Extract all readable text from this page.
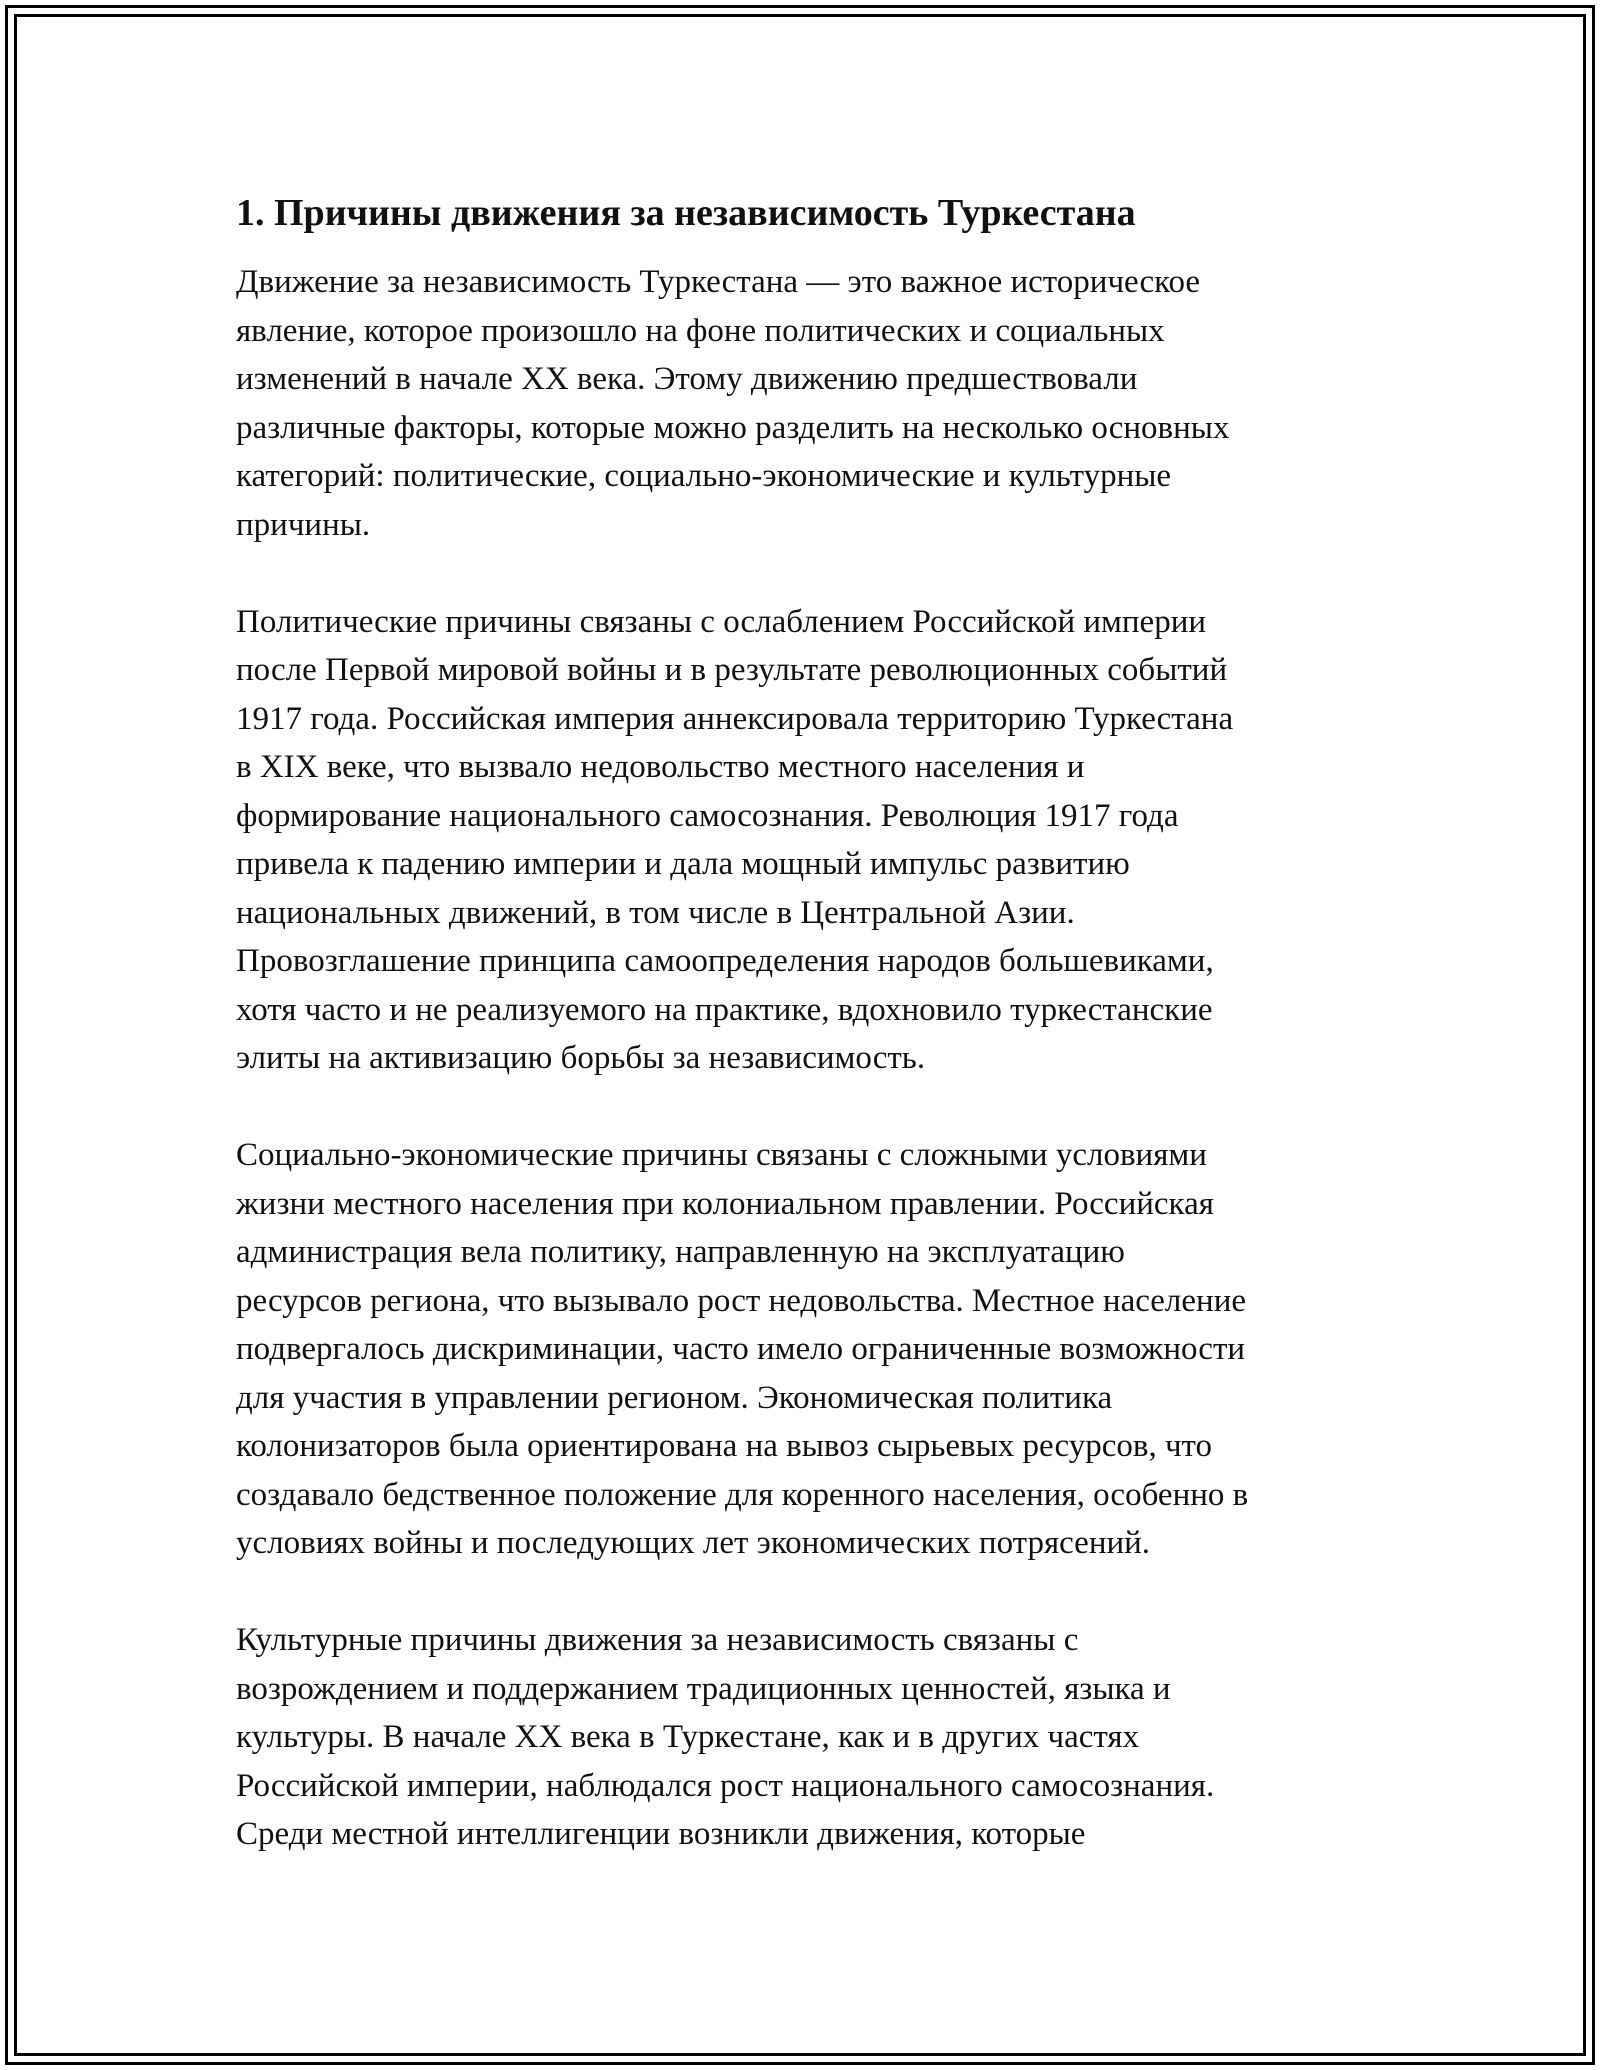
1. Причины движения за независимость Туркестана
Движение за независимость Туркестана — это важное историческое
явление, которое произошло на фоне политических и социальных
изменений в начале XX века. Этому движению предшествовали
различные факторы, которые можно разделить на несколько основных
категорий: политические, социально-экономические и культурные
причины.
Политические причины связаны с ослаблением Российской империи
после Первой мировой войны и в результате революционных событий
1917 года. Российская империя аннексировала территорию Туркестана
в XIX веке, что вызвало недовольство местного населения и
формирование национального самосознания. Революция 1917 года
привела к падению империи и дала мощный импульс развитию
национальных движений, в том числе в Центральной Азии.
Провозглашение принципа самоопределения народов большевиками,
хотя часто и не реализуемого на практике, вдохновило туркестанские
элиты на активизацию борьбы за независимость.
Социально-экономические причины связаны с сложными условиями
жизни местного населения при колониальном правлении. Российская
администрация вела политику, направленную на эксплуатацию
ресурсов региона, что вызывало рост недовольства. Местное население
подвергалось дискриминации, часто имело ограниченные возможности
для участия в управлении регионом. Экономическая политика
колонизаторов была ориентирована на вывоз сырьевых ресурсов, что
создавало бедственное положение для коренного населения, особенно в
условиях войны и последующих лет экономических потрясений.
Культурные причины движения за независимость связаны с
возрождением и поддержанием традиционных ценностей, языка и
культуры. В начале XX века в Туркестане, как и в других частях
Российской империи, наблюдался рост национального самосознания.
Среди местной интеллигенции возникли движения, которые
